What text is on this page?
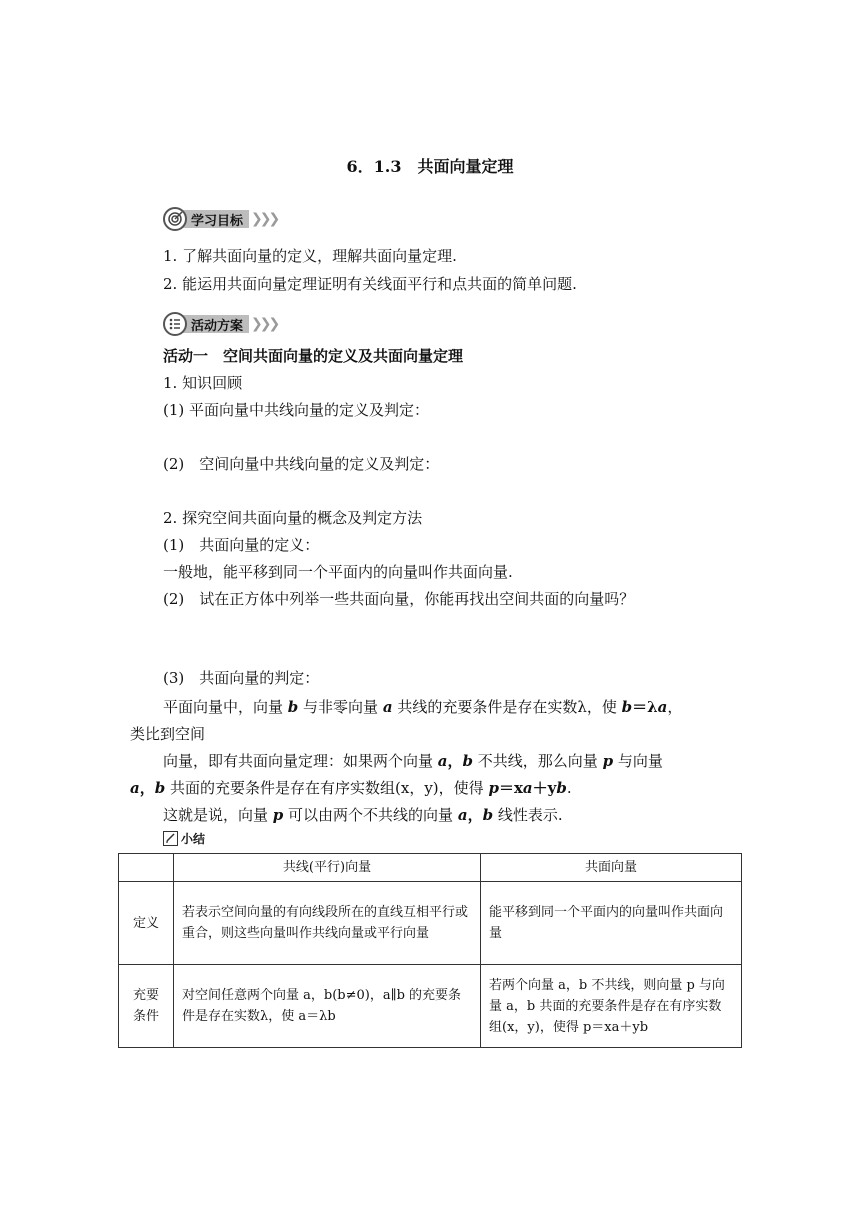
6．1.3　共面向量定理
学习目标 ❯❯❯
1. 了解共面向量的定义，理解共面向量定理.
2. 能运用共面向量定理证明有关线面平行和点共面的简单问题.
活动方案 ❯❯❯
活动一　空间共面向量的定义及共面向量定理
1. 知识回顾
(1) 平面向量中共线向量的定义及判定：
(2)　空间向量中共线向量的定义及判定：
2. 探究空间共面向量的概念及判定方法
(1)　共面向量的定义：
一般地，能平移到同一个平面内的向量叫作共面向量.
(2)　试在正方体中列举一些共面向量，你能再找出空间共面的向量吗？
(3)　共面向量的判定：
平面向量中，向量 b 与非零向量 a 共线的充要条件是存在实数λ，使 b＝λa，
类比到空间
向量，即有共面向量定理：如果两个向量 a，b 不共线，那么向量 p 与向量
a，b 共面的充要条件是存在有序实数组(x，y)，使得 p＝xa＋yb.
这就是说，向量 p 可以由两个不共线的向量 a，b 线性表示.
小结
	共线(平行)向量	共面向量
定义	若表示空间向量的有向线段所在的直线互相平行或重合，则这些向量叫作共线向量或平行向量	能平移到同一个平面内的向量叫作共面向量
充要条件	对空间任意两个向量 a，b(b≠0)，a∥b 的充要条件是存在实数λ，使 a＝λb	若两个向量 a，b 不共线，则向量 p 与向量 a，b 共面的充要条件是存在有序实数组(x，y)，使得 p＝xa＋yb
